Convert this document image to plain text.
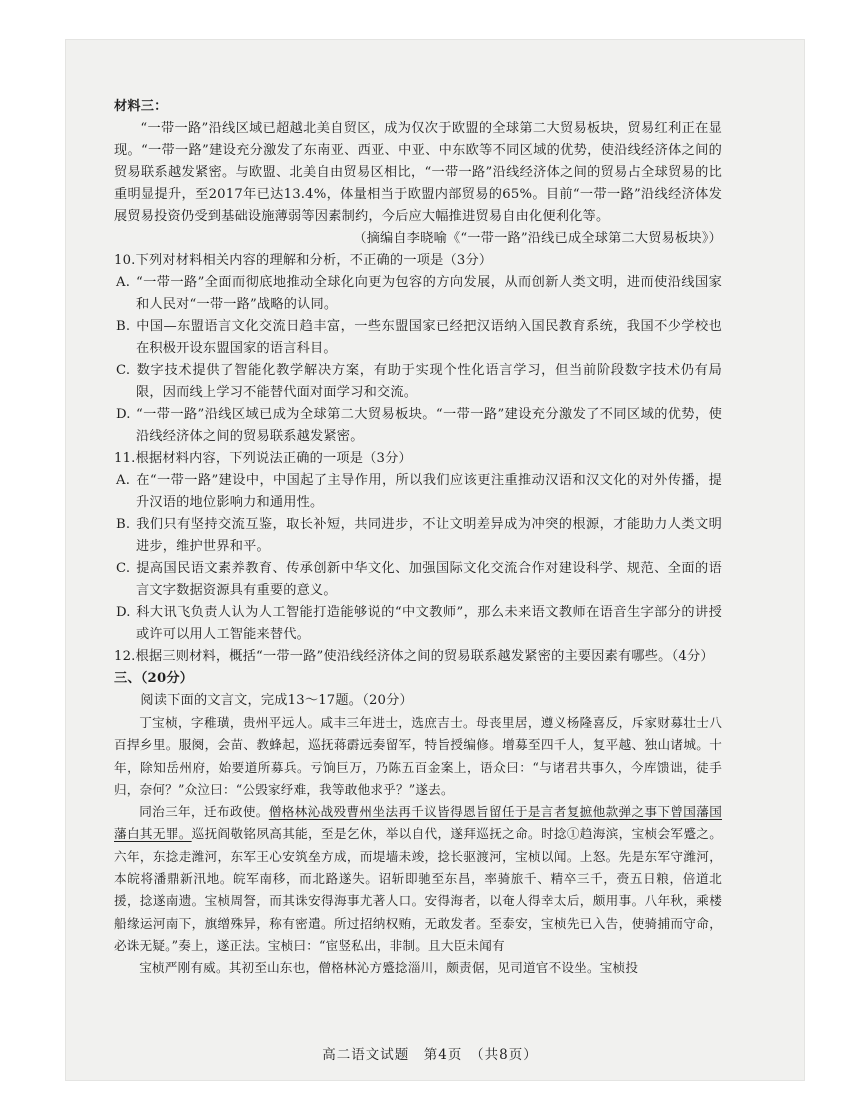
材料三：

“一带一路”沿线区域已超越北美自贸区，成为仅次于欧盟的全球第二大贸易板块，贸易红利正在显现。“一带一路”建设充分激发了东南亚、西亚、中亚、中东欧等不同区域的优势，使沿线经济体之间的贸易联系越发紧密。与欧盟、北美自由贸易区相比，“一带一路”沿线经济体之间的贸易占全球贸易的比重明显提升，至2017年已达13.4%，体量相当于欧盟内部贸易的65%。目前“一带一路”沿线经济体发展贸易投资仍受到基础设施薄弱等因素制约，今后应大幅推进贸易自由化便利化等。

（摘编自李晓喻《“一带一路”沿线已成全球第二大贸易板块》）

10.下列对材料相关内容的理解和分析，不正确的一项是（3分）

A. “一带一路”全面而彻底地推动全球化向更为包容的方向发展，从而创新人类文明，进而使沿线国家和人民对“一带一路”战略的认同。

B. 中国—东盟语言文化交流日趋丰富，一些东盟国家已经把汉语纳入国民教育系统，我国不少学校也在积极开设东盟国家的语言科目。

C. 数字技术提供了智能化教学解决方案，有助于实现个性化语言学习，但当前阶段数字技术仍有局限，因而线上学习不能替代面对面学习和交流。

D. “一带一路”沿线区域已成为全球第二大贸易板块。“一带一路”建设充分激发了不同区域的优势，使沿线经济体之间的贸易联系越发紧密。

11.根据材料内容，下列说法正确的一项是（3分）

A. 在“一带一路”建设中，中国起了主导作用，所以我们应该更注重推动汉语和汉文化的对外传播，提升汉语的地位影响力和通用性。

B. 我们只有坚持交流互鉴，取长补短，共同进步，不让文明差异成为冲突的根源，才能助力人类文明进步，维护世界和平。

C. 提高国民语文素养教育、传承创新中华文化、加强国际文化交流合作对建设科学、规范、全面的语言文字数据资源具有重要的意义。

D. 科大讯飞负责人认为人工智能打造能够说的“中文教师”，那么未来语文教师在语音生字部分的讲授或许可以用人工智能来替代。

12.根据三则材料，概括“一带一路”使沿线经济体之间的贸易联系越发紧密的主要因素有哪些。（4分）

三、（20分）

阅读下面的文言文，完成13～17题。（20分）

丁宝桢，字稚璜，贵州平远人。咸丰三年进士，选庶吉士。母丧里居，遵义杨隆喜反，斥家财募壮士八百捍乡里。服阕，会苗、教蜂起，巡抚蒋霨远奏留军，特旨授编修。增募至四千人，复平越、独山诸城。十年，除知岳州府，始要道所募兵。亏饷巨万，乃陈五百金案上，语众曰：“与诸君共事久，今库馈诎，徒手归，奈何？”众泣曰：“公毁家纾难，我等敢他求乎？”遂去。

同治三年，迁布政使。僧格林沁战殁曹州坐法再千议皆得恩旨留任于是言者复摭他款弹之事下曾国藩国藩白其无罪。巡抚阎敬铭夙高其能，至是乞休，举以自代，遂拜巡抚之命。时捻①趋海滨，宝桢会军蹙之。六年，东捻走潍河，东军王心安筑垒方成，而堤墙未竣，捻长驱渡河，宝桢以闻。上怒。先是东军守潍河，本皖将潘鼎新汛地。皖军南移，而北路遂失。诏斩即驰至东昌，率骑旅千、精卒三千，赍五日粮，倍道北援，捻遂南遗。宝桢周詧，而其诛安得海事尤著人口。安得海者，以奄人得幸太后，颇用事。八年秋，乘楼船缘运河南下，旗缯殊异，称有密遣。所过招纳权贿，无敢发者。至泰安，宝桢先已入告，使骑捕而守命，必诛无疑。”奏上，遂正法。宝桢曰：“宦竖私出，非制。且大臣未闻有

宝桢严刚有威。其初至山东也，僧格林沁方蹙捻淄川，颇责倨，见司道官不设坐。宝桢投

高二语文试题　第4页　（共8页）
